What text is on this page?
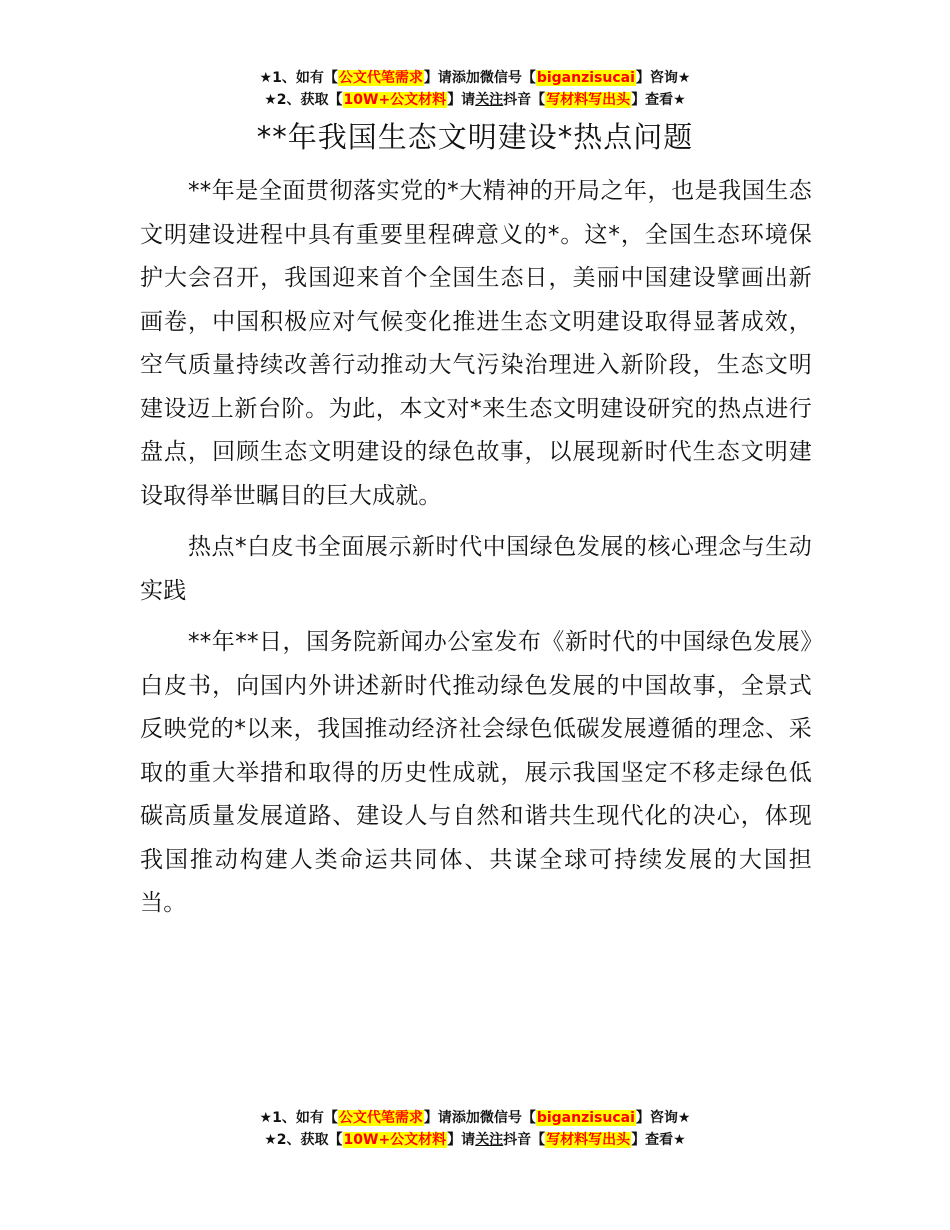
★1、如有【公文代笔需求】请添加微信号【biganzisucai】咨询★
★2、获取【10W+公文材料】请关注抖音【写材料写出头】查看★
**年我国生态文明建设*热点问题

**年是全面贯彻落实党的*大精神的开局之年，也是我国生态文明建设进程中具有重要里程碑意义的*。这*，全国生态环境保护大会召开，我国迎来首个全国生态日，美丽中国建设擘画出新画卷，中国积极应对气候变化推进生态文明建设取得显著成效，空气质量持续改善行动推动大气污染治理进入新阶段，生态文明建设迈上新台阶。为此，本文对*来生态文明建设研究的热点进行盘点，回顾生态文明建设的绿色故事，以展现新时代生态文明建设取得举世瞩目的巨大成就。

热点*白皮书全面展示新时代中国绿色发展的核心理念与生动实践

**年**日，国务院新闻办公室发布《新时代的中国绿色发展》白皮书，向国内外讲述新时代推动绿色发展的中国故事，全景式反映党的*以来，我国推动经济社会绿色低碳发展遵循的理念、采取的重大举措和取得的历史性成就，展示我国坚定不移走绿色低碳高质量发展道路、建设人与自然和谐共生现代化的决心，体现我国推动构建人类命运共同体、共谋全球可持续发展的大国担当。

★1、如有【公文代笔需求】请添加微信号【biganzisucai】咨询★
★2、获取【10W+公文材料】请关注抖音【写材料写出头】查看★
